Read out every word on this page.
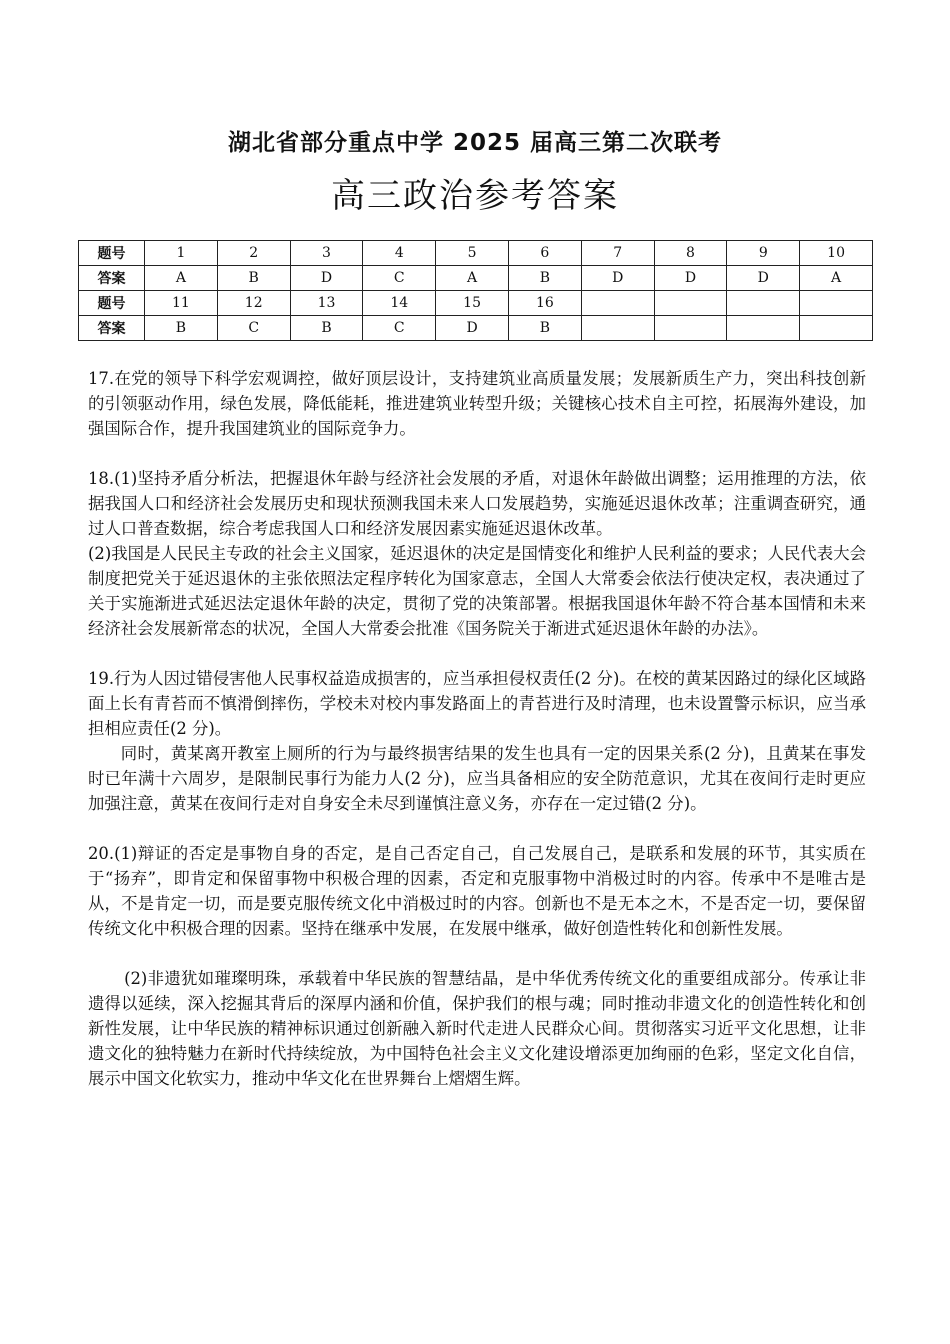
湖北省部分重点中学 2025 届高三第二次联考
高三政治参考答案
题号	1	2	3	4	5	6	7	8	9	10
答案	A	B	D	C	A	B	D	D	D	A
题号	11	12	13	14	15	16				
答案	B	C	B	C	D	B				

17.在党的领导下科学宏观调控，做好顶层设计，支持建筑业高质量发展；发展新质生产力，突出科技创新的引领驱动作用，绿色发展，降低能耗，推进建筑业转型升级；关键核心技术自主可控，拓展海外建设，加强国际合作，提升我国建筑业的国际竞争力。

18.(1)坚持矛盾分析法，把握退休年龄与经济社会发展的矛盾，对退休年龄做出调整；运用推理的方法，依据我国人口和经济社会发展历史和现状预测我国未来人口发展趋势，实施延迟退休改革；注重调查研究，通过人口普查数据，综合考虑我国人口和经济发展因素实施延迟退休改革。

(2)我国是人民民主专政的社会主义国家，延迟退休的决定是国情变化和维护人民利益的要求；人民代表大会制度把党关于延迟退休的主张依照法定程序转化为国家意志，全国人大常委会依法行使决定权，表决通过了关于实施渐进式延迟法定退休年龄的决定，贯彻了党的决策部署。根据我国退休年龄不符合基本国情和未来经济社会发展新常态的状况，全国人大常委会批准《国务院关于渐进式延迟退休年龄的办法》。

19.行为人因过错侵害他人民事权益造成损害的，应当承担侵权责任(2 分)。在校的黄某因路过的绿化区域路面上长有青苔而不慎滑倒摔伤，学校未对校内事发路面上的青苔进行及时清理，也未设置警示标识，应当承担相应责任(2 分)。

同时，黄某离开教室上厕所的行为与最终损害结果的发生也具有一定的因果关系(2 分)，且黄某在事发时已年满十六周岁，是限制民事行为能力人(2 分)，应当具备相应的安全防范意识，尤其在夜间行走时更应加强注意，黄某在夜间行走对自身安全未尽到谨慎注意义务，亦存在一定过错(2 分)。

20.(1)辩证的否定是事物自身的否定，是自己否定自己，自己发展自己，是联系和发展的环节，其实质在于“扬弃”，即肯定和保留事物中积极合理的因素，否定和克服事物中消极过时的内容。传承中不是唯古是从，不是肯定一切，而是要克服传统文化中消极过时的内容。创新也不是无本之木，不是否定一切，要保留传统文化中积极合理的因素。坚持在继承中发展，在发展中继承，做好创造性转化和创新性发展。

(2)非遗犹如璀璨明珠，承载着中华民族的智慧结晶，是中华优秀传统文化的重要组成部分。传承让非遗得以延续，深入挖掘其背后的深厚内涵和价值，保护我们的根与魂；同时推动非遗文化的创造性转化和创新性发展，让中华民族的精神标识通过创新融入新时代走进人民群众心间。贯彻落实习近平文化思想，让非遗文化的独特魅力在新时代持续绽放，为中国特色社会主义文化建设增添更加绚丽的色彩，坚定文化自信，展示中国文化软实力，推动中华文化在世界舞台上熠熠生辉。
